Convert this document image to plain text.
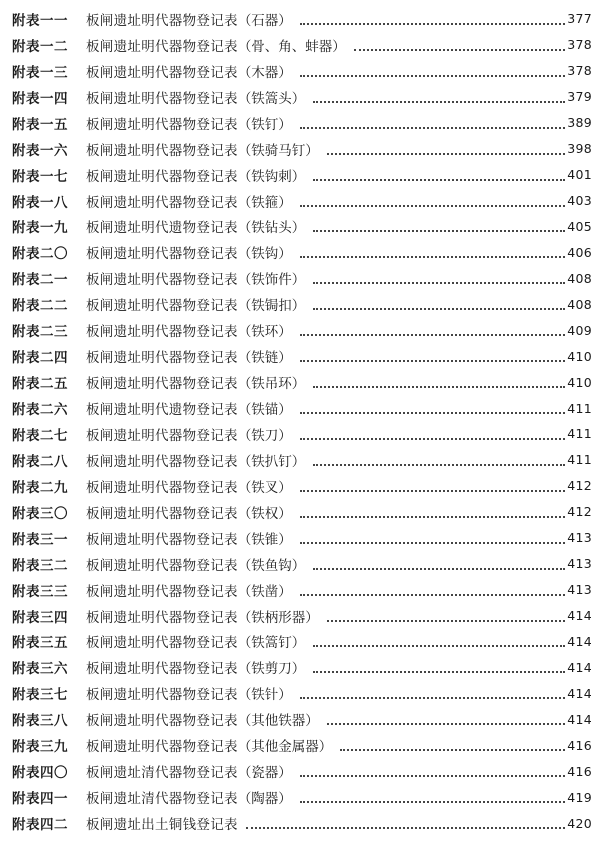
附表一一	板闸遗址明代器物登记表 （石器）	377
附表一二	板闸遗址明代器物登记表 （骨、角、蚌器）	378
附表一三	板闸遗址明代器物登记表 （木器）	378
附表一四	板闸遗址明代器物登记表 （铁篙头）	379
附表一五	板闸遗址明代器物登记表 （铁钉）	389
附表一六	板闸遗址明代器物登记表 （铁骑马钉）	398
附表一七	板闸遗址明代器物登记表 （铁钩刺）	401
附表一八	板闸遗址明代器物登记表 （铁箍）	403
附表一九	板闸遗址明代遗物登记表 （铁钻头）	405
附表二〇	板闸遗址明代器物登记表 （铁钩）	406
附表二一	板闸遗址明代器物登记表 （铁饰件）	408
附表二二	板闸遗址明代器物登记表 （铁锔扣）	408
附表二三	板闸遗址明代器物登记表 （铁环）	409
附表二四	板闸遗址明代器物登记表 （铁链）	410
附表二五	板闸遗址明代器物登记表 （铁吊环）	410
附表二六	板闸遗址明代遗物登记表 （铁锚）	411
附表二七	板闸遗址明代器物登记表 （铁刀）	411
附表二八	板闸遗址明代器物登记表 （铁扒钉）	411
附表二九	板闸遗址明代器物登记表 （铁叉）	412
附表三〇	板闸遗址明代器物登记表 （铁权）	412
附表三一	板闸遗址明代器物登记表 （铁锥）	413
附表三二	板闸遗址明代器物登记表 （铁鱼钩）	413
附表三三	板闸遗址明代器物登记表 （铁凿）	413
附表三四	板闸遗址明代器物登记表 （铁柄形器）	414
附表三五	板闸遗址明代器物登记表 （铁篙钉）	414
附表三六	板闸遗址明代器物登记表 （铁剪刀）	414
附表三七	板闸遗址明代器物登记表 （铁针）	414
附表三八	板闸遗址明代器物登记表 （其他铁器）	414
附表三九	板闸遗址明代器物登记表 （其他金属器）	416
附表四〇	板闸遗址清代器物登记表 （瓷器）	416
附表四一	板闸遗址清代器物登记表 （陶器）	419
附表四二	板闸遗址出土铜钱登记表	420
